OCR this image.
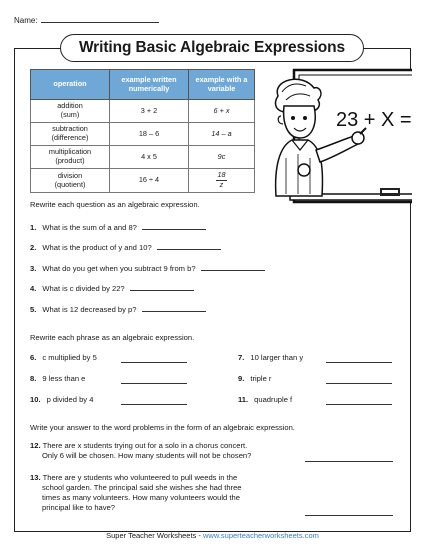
Name:
Writing Basic Algebraic Expressions
operation	example written numerically	example with a variable
addition
(sum)	3 + 2	6 + x
subtraction
(difference)	18 – 6	14 – a
multiplication
(product)	4 x 5	9c
division
(quotient)	16 ÷ 4	$\frac{18}{z}$
23 + X =
Rewrite each question as an algebraic expression.
1. What is the sum of a and 8?
2. What is the product of y and 10?
3. What do you get when you subtract 9 from b?
4. What is c divided by 22?
5. What is 12 decreased by p?
Rewrite each phrase as an algebraic expression.
6. c multiplied by 5	7. 10 larger than y
8. 9 less than e	9. triple r
10. p divided by 4	11. quadruple f
Write your answer to the word problems in the form of an algebraic expression.
12. There are x students trying out for a solo in a chorus concert.
Only 6 will be chosen. How many students will not be chosen?
13. There are y students who volunteered to pull weeds in the
school garden. The principal said she wishes she had three
times as many volunteers. How many volunteers would the
principal like to have?
Super Teacher Worksheets - www.superteacherworksheets.com
